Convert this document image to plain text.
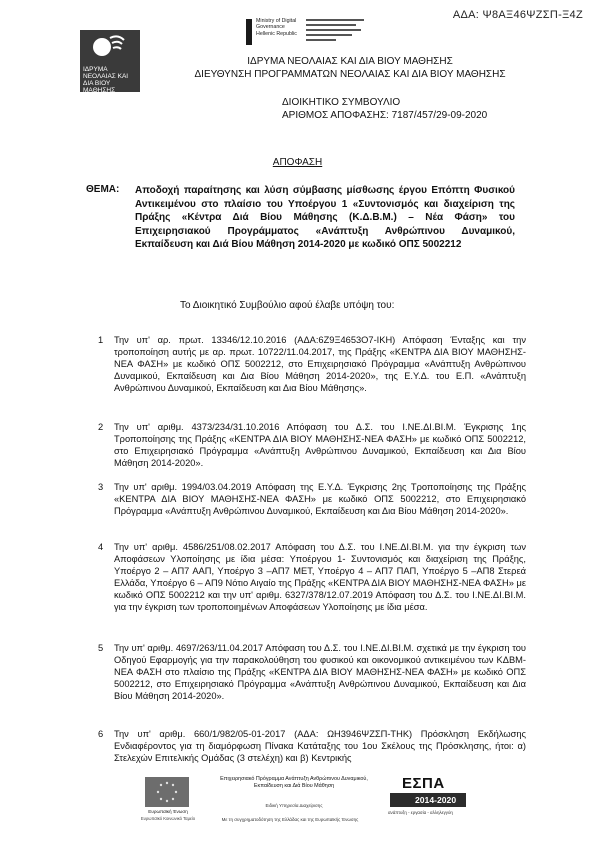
ΑΔΑ: Ψ8ΑΞ46ΨΖΣΠ-Ξ4Ζ
Ministry of Digital
Governance
Hellenic Republic
ΙΔΡΥΜΑ ΝΕΟΛΑΙΑΣ ΚΑΙ ΔΙΑ ΒΙΟΥ ΜΑΘΗΣΗΣ
ΙΔΡΥΜΑ ΝΕΟΛΑΙΑΣ ΚΑΙ ΔΙΑ ΒΙΟΥ ΜΑΘΗΣΗΣ
ΔΙΕΥΘΥΝΣΗ ΠΡΟΓΡΑΜΜΑΤΩΝ ΝΕΟΛΑΙΑΣ ΚΑΙ ΔΙΑ ΒΙΟΥ ΜΑΘΗΣΗΣ
ΔΙΟΙΚΗΤΙΚΟ ΣΥΜΒΟΥΛΙΟ
ΑΡΙΘΜΟΣ ΑΠΟΦΑΣΗΣ: 7187/457/29-09-2020
ΑΠΟΦΑΣΗ
ΘΕΜΑ: Αποδοχή παραίτησης και λύση σύμβασης μίσθωσης έργου Επόπτη Φυσικού Αντικειμένου στο πλαίσιο του Υποέργου 1 «Συντονισμός και διαχείριση της Πράξης «Κέντρα Διά Βίου Μάθησης (Κ.Δ.Β.Μ.) – Νέα Φάση» του Επιχειρησιακού Προγράμματος «Ανάπτυξη Ανθρώπινου Δυναμικού, Εκπαίδευση και Διά Βίου Μάθηση 2014-2020 με κωδικό ΟΠΣ 5002212
Το Διοικητικό Συμβούλιο αφού έλαβε υπόψη του:
1 Την υπ' αρ. πρωτ. 13346/12.10.2016 (ΑΔΑ:6Ζ9Ξ4653Ο7-ΙΚΗ) Απόφαση Ένταξης και την τροποποίηση αυτής με αρ. πρωτ. 10722/11.04.2017, της Πράξης «ΚΕΝΤΡΑ ΔΙΑ ΒΙΟΥ ΜΑΘΗΣΗΣ-ΝΕΑ ΦΑΣΗ» με κωδικό ΟΠΣ 5002212, στο Επιχειρησιακό Πρόγραμμα «Ανάπτυξη Ανθρώπινου Δυναμικού, Εκπαίδευση και Δια Βίου Μάθηση 2014-2020», της Ε.Υ.Δ. του Ε.Π. «Ανάπτυξη Ανθρώπινου Δυναμικού, Εκπαίδευση και Δια Βίου Μάθησης».
2 Την υπ' αριθμ. 4373/234/31.10.2016 Απόφαση του Δ.Σ. του Ι.ΝΕ.ΔΙ.ΒΙ.Μ. Έγκρισης 1ης Τροποποίησης της Πράξης «ΚΕΝΤΡΑ ΔΙΑ ΒΙΟΥ ΜΑΘΗΣΗΣ-ΝΕΑ ΦΑΣΗ» με κωδικό ΟΠΣ 5002212, στο Επιχειρησιακό Πρόγραμμα «Ανάπτυξη Ανθρώπινου Δυναμικού, Εκπαίδευση και Δια Βίου Μάθηση 2014-2020».
3 Την υπ' αριθμ. 1994/03.04.2019 Απόφαση της Ε.Υ.Δ. Έγκρισης 2ης Τροποποίησης της Πράξης «ΚΕΝΤΡΑ ΔΙΑ ΒΙΟΥ ΜΑΘΗΣΗΣ-ΝΕΑ ΦΑΣΗ» με κωδικό ΟΠΣ 5002212, στο Επιχειρησιακό Πρόγραμμα «Ανάπτυξη Ανθρώπινου Δυναμικού, Εκπαίδευση και Δια Βίου Μάθηση 2014-2020».
4 Την υπ' αριθμ. 4586/251/08.02.2017 Απόφαση του Δ.Σ. του Ι.ΝΕ.ΔΙ.ΒΙ.Μ. για την έγκριση των Αποφάσεων Υλοποίησης με ίδια μέσα: Υποέργου 1- Συντονισμός και διαχείριση της Πράξης, Υποέργο 2 – ΑΠ7 ΑΑΠ, Υποέργο 3 –ΑΠ7 ΜΕΤ, Υποέργο 4 – ΑΠ7 ΠΑΠ, Υποέργο 5 –ΑΠ8 Στερεά Ελλάδα, Υποέργο 6 – ΑΠ9 Νότιο Αιγαίο της Πράξης «ΚΕΝΤΡΑ ΔΙΑ ΒΙΟΥ ΜΑΘΗΣΗΣ-ΝΕΑ ΦΑΣΗ» με κωδικό ΟΠΣ 5002212 και την υπ' αριθμ. 6327/378/12.07.2019 Απόφαση του Δ.Σ. του Ι.ΝΕ.ΔΙ.ΒΙ.Μ. για την έγκριση των τροποποιημένων Αποφάσεων Υλοποίησης με ίδια μέσα.
5 Την υπ' αριθμ. 4697/263/11.04.2017 Απόφαση του Δ.Σ. του Ι.ΝΕ.ΔΙ.ΒΙ.Μ. σχετικά με την έγκριση του Οδηγού Εφαρμογής για την παρακολούθηση του φυσικού και οικονομικού αντικειμένου των ΚΔΒΜ-ΝΕΑ ΦΑΣΗ στο πλαίσιο της Πράξης «ΚΕΝΤΡΑ ΔΙΑ ΒΙΟΥ ΜΑΘΗΣΗΣ-ΝΕΑ ΦΑΣΗ» με κωδικό ΟΠΣ 5002212, στο Επιχειρησιακό Πρόγραμμα «Ανάπτυξη Ανθρώπινου Δυναμικού, Εκπαίδευση και Δια Βίου Μάθηση 2014-2020».
6 Την υπ' αριθμ. 660/1/982/05-01-2017 (ΑΔΑ: ΩΗ3946ΨΖΣΠ-ΤΗΚ) Πρόσκληση Εκδήλωσης Ενδιαφέροντος για τη διαμόρφωση Πίνακα Κατάταξης του 1ου Σκέλους της Πρόσκλησης, ήτοι: α) Στελεχών Επιτελικής Ομάδας (3 στελέχη) και β) Κεντρικής
Ευρωπαϊκή Ένωση
Ευρωπαϊκό Κοινωνικό Ταμείο
Επιχειρησιακό Πρόγραμμα Ανάπτυξη Ανθρώπινου Δυναμικού, Εκπαίδευση και Διά Βίου Μάθηση
Ειδική Υπηρεσία Διαχείρισης
ΕΣΠΑ
2014-2020
ανάπτυξη - εργασία - αλληλεγγύη
Με τη συγχρηματοδότηση της Ελλάδας και της Ευρωπαϊκής Ένωσης
